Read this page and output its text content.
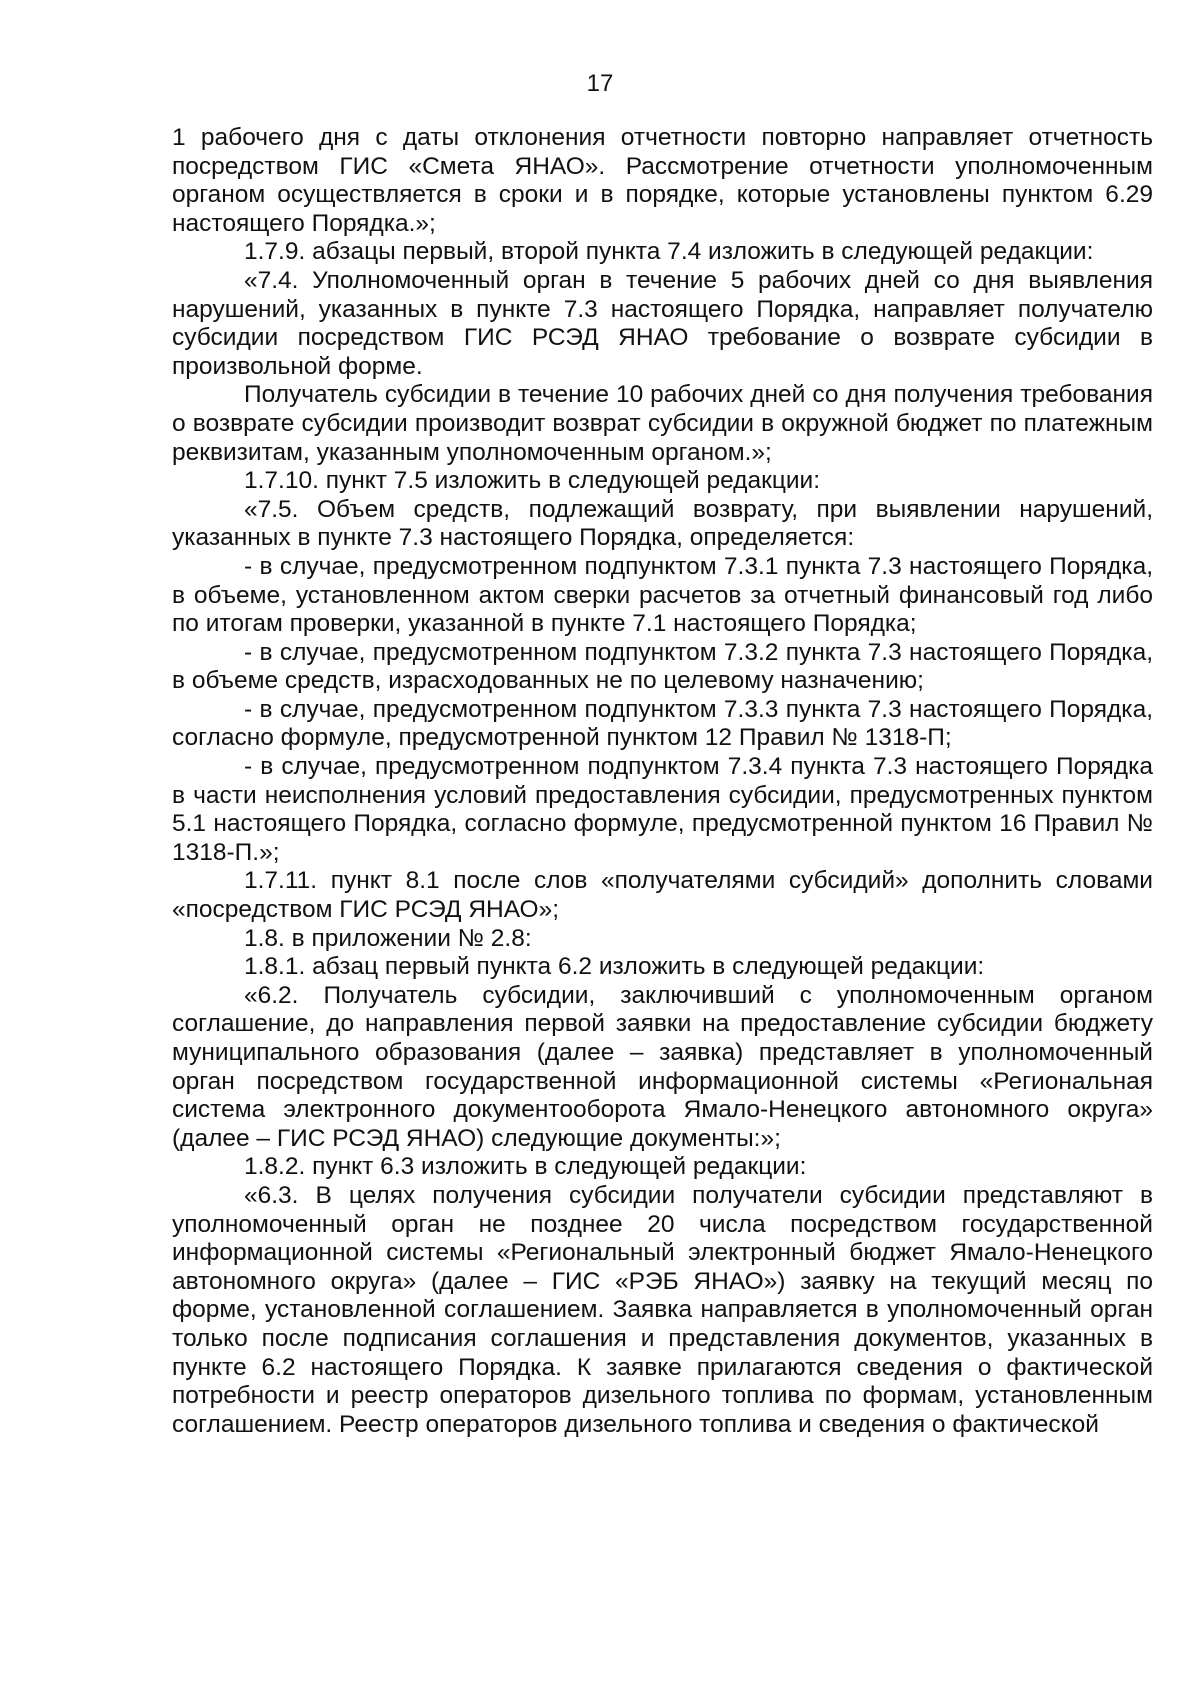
17

1 рабочего дня с даты отклонения отчетности повторно направляет отчетность посредством ГИС «Смета ЯНАО». Рассмотрение отчетности уполномоченным органом осуществляется в сроки и в порядке, которые установлены пунктом 6.29 настоящего Порядка.»;

1.7.9. абзацы первый, второй пункта 7.4 изложить в следующей редакции:

«7.4. Уполномоченный орган в течение 5 рабочих дней со дня выявления нарушений, указанных в пункте 7.3 настоящего Порядка, направляет получателю субсидии посредством ГИС РСЭД ЯНАО требование о возврате субсидии в произвольной форме.

Получатель субсидии в течение 10 рабочих дней со дня получения требования о возврате субсидии производит возврат субсидии в окружной бюджет по платежным реквизитам, указанным уполномоченным органом.»;

1.7.10. пункт 7.5 изложить в следующей редакции:

«7.5. Объем средств, подлежащий возврату, при выявлении нарушений, указанных в пункте 7.3 настоящего Порядка, определяется:

- в случае, предусмотренном подпунктом 7.3.1 пункта 7.3 настоящего Порядка, в объеме, установленном актом сверки расчетов за отчетный финансовый год либо по итогам проверки, указанной в пункте 7.1 настоящего Порядка;

- в случае, предусмотренном подпунктом 7.3.2 пункта 7.3 настоящего Порядка, в объеме средств, израсходованных не по целевому назначению;

- в случае, предусмотренном подпунктом 7.3.3 пункта 7.3 настоящего Порядка, согласно формуле, предусмотренной пунктом 12 Правил № 1318-П;

- в случае, предусмотренном подпунктом 7.3.4 пункта 7.3 настоящего Порядка в части неисполнения условий предоставления субсидии, предусмотренных пунктом 5.1 настоящего Порядка, согласно формуле, предусмотренной пунктом 16 Правил № 1318-П.»;

1.7.11. пункт 8.1 после слов «получателями субсидий» дополнить словами «посредством ГИС РСЭД ЯНАО»;

1.8. в приложении № 2.8:

1.8.1. абзац первый пункта 6.2 изложить в следующей редакции:

«6.2. Получатель субсидии, заключивший с уполномоченным органом соглашение, до направления первой заявки на предоставление субсидии бюджету муниципального образования (далее – заявка) представляет в уполномоченный орган посредством государственной информационной системы «Региональная система электронного документооборота Ямало-Ненецкого автономного округа» (далее – ГИС РСЭД ЯНАО) следующие документы:»;

1.8.2. пункт 6.3 изложить в следующей редакции:

«6.3. В целях получения субсидии получатели субсидии представляют в уполномоченный орган не позднее 20 числа посредством государственной информационной системы «Региональный электронный бюджет Ямало-Ненецкого автономного округа» (далее – ГИС «РЭБ ЯНАО») заявку на текущий месяц по форме, установленной соглашением. Заявка направляется в уполномоченный орган только после подписания соглашения и представления документов, указанных в пункте 6.2 настоящего Порядка. К заявке прилагаются сведения о фактической потребности и реестр операторов дизельного топлива по формам, установленным соглашением. Реестр операторов дизельного топлива и сведения о фактической
